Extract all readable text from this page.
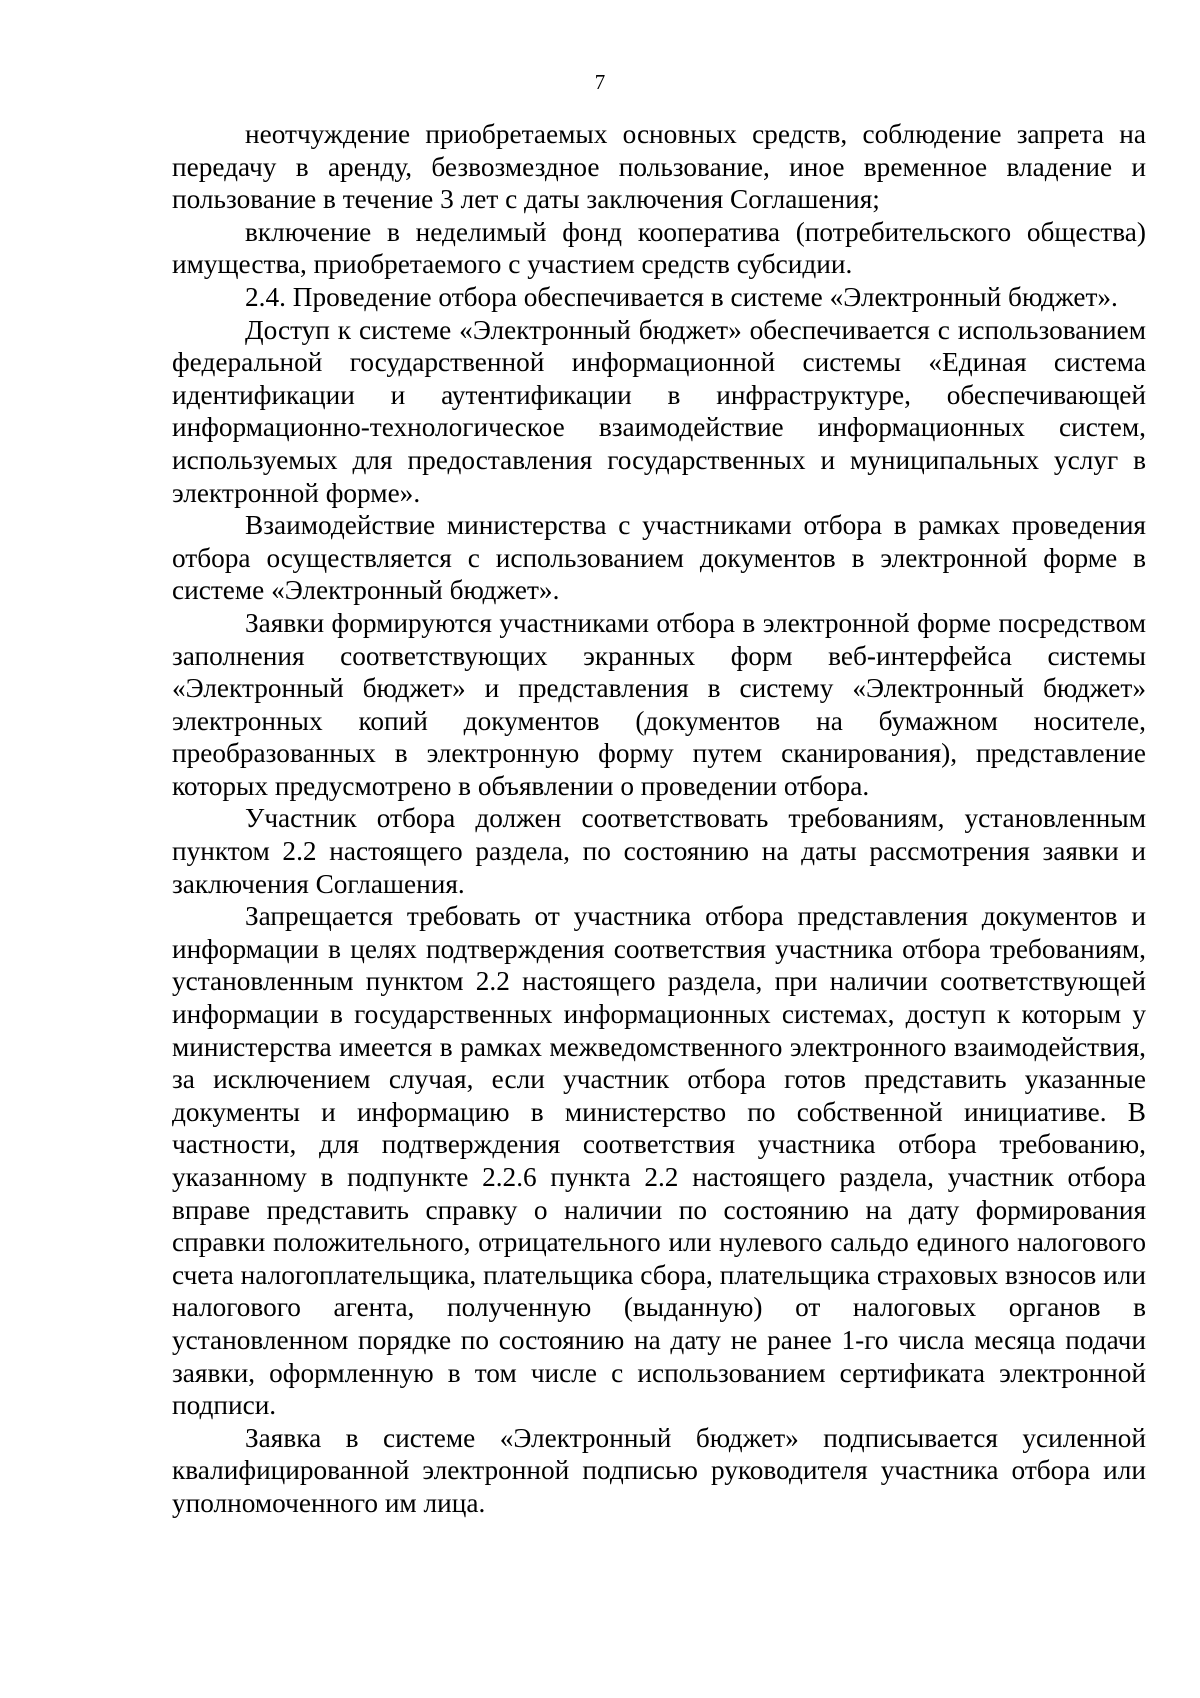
7

неотчуждение приобретаемых основных средств, соблюдение запрета на передачу в аренду, безвозмездное пользование, иное временное владение и пользование в течение 3 лет с даты заключения Соглашения;

включение в неделимый фонд кооператива (потребительского общества) имущества, приобретаемого с участием средств субсидии.

2.4. Проведение отбора обеспечивается в системе «Электронный бюджет».

Доступ к системе «Электронный бюджет» обеспечивается с использованием федеральной государственной информационной системы «Единая система идентификации и аутентификации в инфраструктуре, обеспечивающей информационно-технологическое взаимодействие информационных систем, используемых для предоставления государственных и муниципальных услуг в электронной форме».

Взаимодействие министерства с участниками отбора в рамках проведения отбора осуществляется с использованием документов в электронной форме в системе «Электронный бюджет».

Заявки формируются участниками отбора в электронной форме посредством заполнения соответствующих экранных форм веб-интерфейса системы «Электронный бюджет» и представления в систему «Электронный бюджет» электронных копий документов (документов на бумажном носителе, преобразованных в электронную форму путем сканирования), представление которых предусмотрено в объявлении о проведении отбора.

Участник отбора должен соответствовать требованиям, установленным пунктом 2.2 настоящего раздела, по состоянию на даты рассмотрения заявки и заключения Соглашения.

Запрещается требовать от участника отбора представления документов и информации в целях подтверждения соответствия участника отбора требованиям, установленным пунктом 2.2 настоящего раздела, при наличии соответствующей информации в государственных информационных системах, доступ к которым у министерства имеется в рамках межведомственного электронного взаимодействия, за исключением случая, если участник отбора готов представить указанные документы и информацию в министерство по собственной инициативе. В частности, для подтверждения соответствия участника отбора требованию, указанному в подпункте 2.2.6 пункта 2.2 настоящего раздела, участник отбора вправе представить справку о наличии по состоянию на дату формирования справки положительного, отрицательного или нулевого сальдо единого налогового счета налогоплательщика, плательщика сбора, плательщика страховых взносов или налогового агента, полученную (выданную) от налоговых органов в установленном порядке по состоянию на дату не ранее 1-го числа месяца подачи заявки, оформленную в том числе с использованием сертификата электронной подписи.

Заявка в системе «Электронный бюджет» подписывается усиленной квалифицированной электронной подписью руководителя участника отбора или уполномоченного им лица.
